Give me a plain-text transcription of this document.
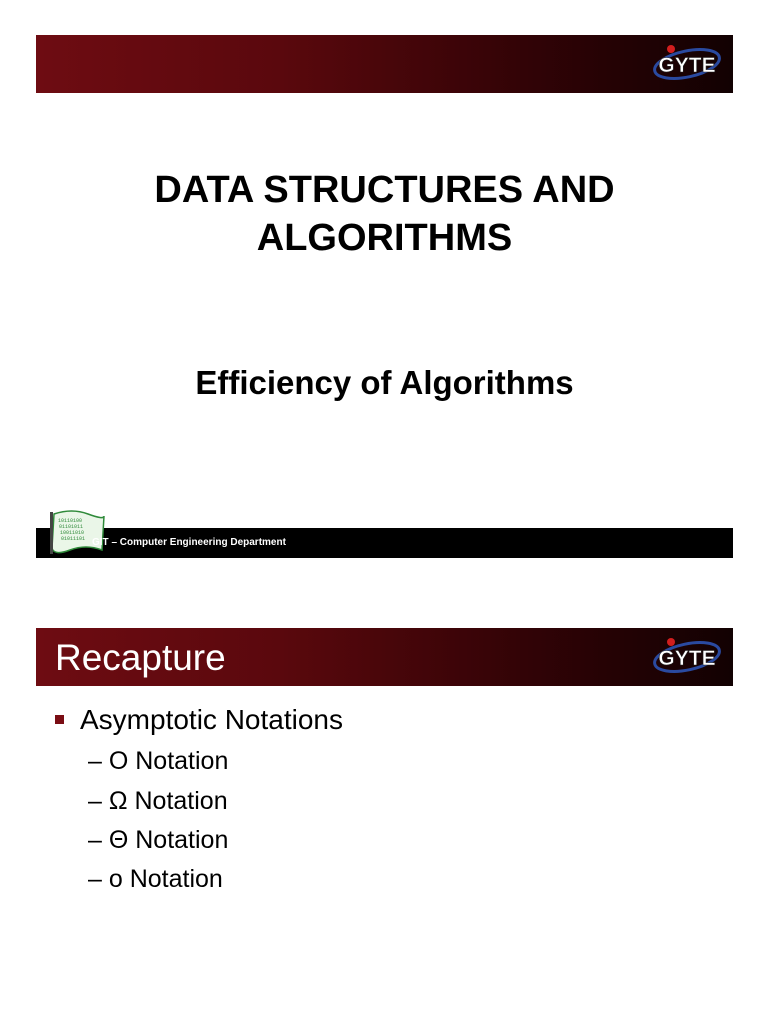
GYTE
DATA STRUCTURES AND ALGORITHMS
Efficiency of Algorithms
10110100
01101011
10011010
01011101 GIT – Computer Engineering Department
GYTE
Recapture
Asymptotic Notations
– O Notation
– Ω Notation
– Θ Notation
– o Notation
